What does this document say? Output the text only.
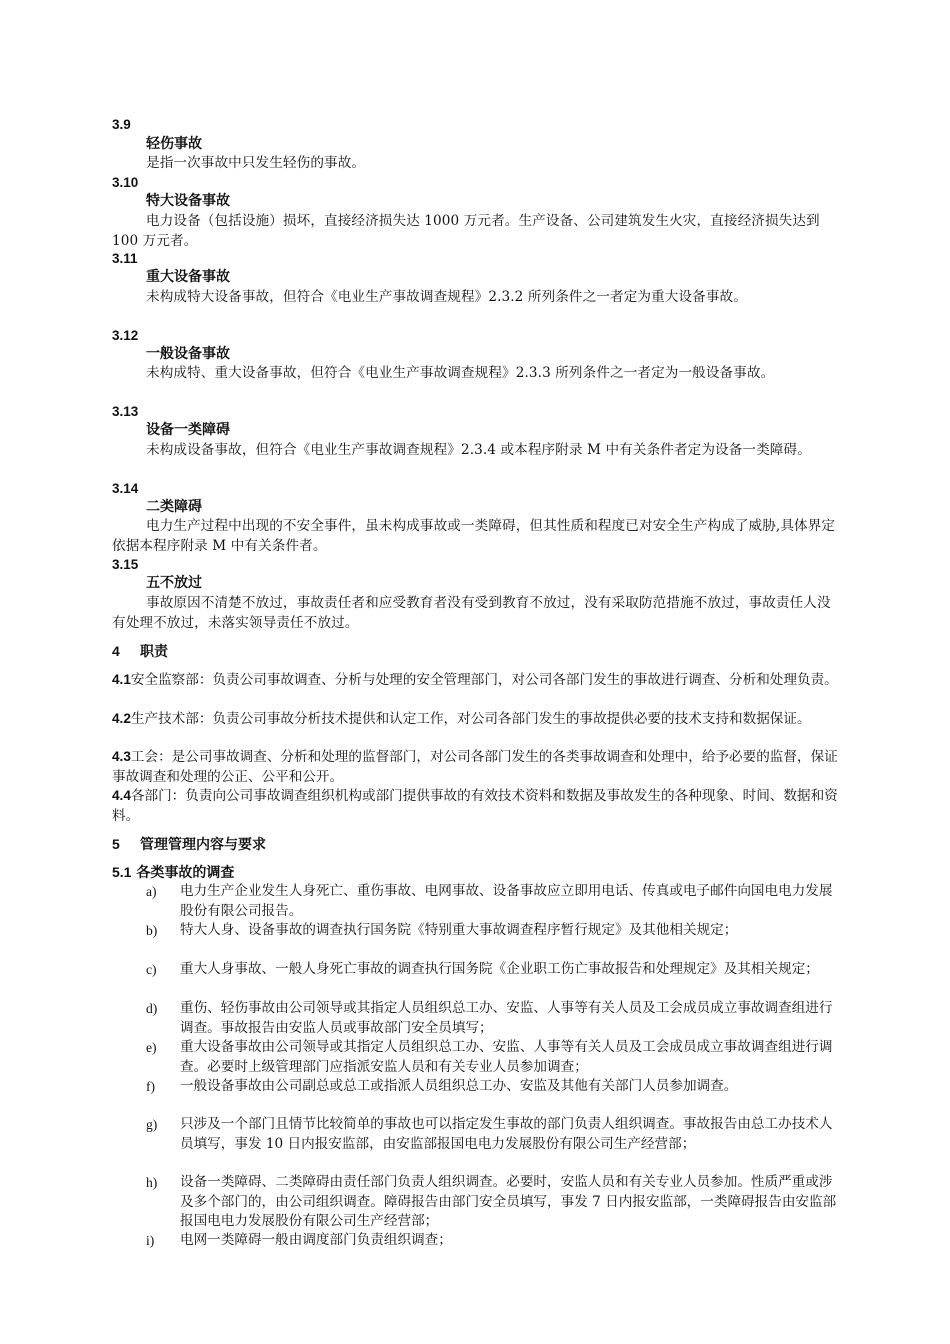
3.9
轻伤事故
是指一次事故中只发生轻伤的事故。
3.10
特大设备事故
电力设备（包括设施）损坏，直接经济损失达 1000 万元者。生产设备、公司建筑发生火灾，直接经济损失达到 100 万元者。
3.11
重大设备事故
未构成特大设备事故，但符合《电业生产事故调查规程》2.3.2 所列条件之一者定为重大设备事故。
3.12
一般设备事故
未构成特、重大设备事故，但符合《电业生产事故调查规程》2.3.3 所列条件之一者定为一般设备事故。
3.13
设备一类障碍
未构成设备事故，但符合《电业生产事故调查规程》2.3.4 或本程序附录 M 中有关条件者定为设备一类障碍。
3.14
二类障碍
电力生产过程中出现的不安全事件，虽未构成事故或一类障碍，但其性质和程度已对安全生产构成了威胁,具体界定依据本程序附录 M 中有关条件者。
3.15
五不放过
事故原因不清楚不放过，事故责任者和应受教育者没有受到教育不放过，没有采取防范措施不放过，事故责任人没有处理不放过，未落实领导责任不放过。
4 职责
4.1安全监察部：负责公司事故调查、分析与处理的安全管理部门，对公司各部门发生的事故进行调查、分析和处理负责。
4.2生产技术部：负责公司事故分析技术提供和认定工作，对公司各部门发生的事故提供必要的技术支持和数据保证。
4.3工会：是公司事故调查、分析和处理的监督部门，对公司各部门发生的各类事故调查和处理中，给予必要的监督，保证事故调查和处理的公正、公平和公开。
4.4各部门：负责向公司事故调查组织机构或部门提供事故的有效技术资料和数据及事故发生的各种现象、时间、数据和资料。
5 管理管理内容与要求
5.1 各类事故的调查
a)	电力生产企业发生人身死亡、重伤事故、电网事故、设备事故应立即用电话、传真或电子邮件向国电电力发展股份有限公司报告。
b)	特大人身、设备事故的调查执行国务院《特别重大事故调查程序暂行规定》及其他相关规定；
c)	重大人身事故、一般人身死亡事故的调查执行国务院《企业职工伤亡事故报告和处理规定》及其相关规定；
d)	重伤、轻伤事故由公司领导或其指定人员组织总工办、安监、人事等有关人员及工会成员成立事故调查组进行调查。事故报告由安监人员或事故部门安全员填写；
e)	重大设备事故由公司领导或其指定人员组织总工办、安监、人事等有关人员及工会成员成立事故调查组进行调查。必要时上级管理部门应指派安监人员和有关专业人员参加调查；
f)	一般设备事故由公司副总或总工或指派人员组织总工办、安监及其他有关部门人员参加调查。
g)	只涉及一个部门且情节比较简单的事故也可以指定发生事故的部门负责人组织调查。事故报告由总工办技术人员填写，事发 10 日内报安监部，由安监部报国电电力发展股份有限公司生产经营部；
h)	设备一类障碍、二类障碍由责任部门负责人组织调查。必要时，安监人员和有关专业人员参加。性质严重或涉及多个部门的，由公司组织调查。障碍报告由部门安全员填写，事发 7 日内报安监部，一类障碍报告由安监部报国电电力发展股份有限公司生产经营部；
i)	电网一类障碍一般由调度部门负责组织调查；
